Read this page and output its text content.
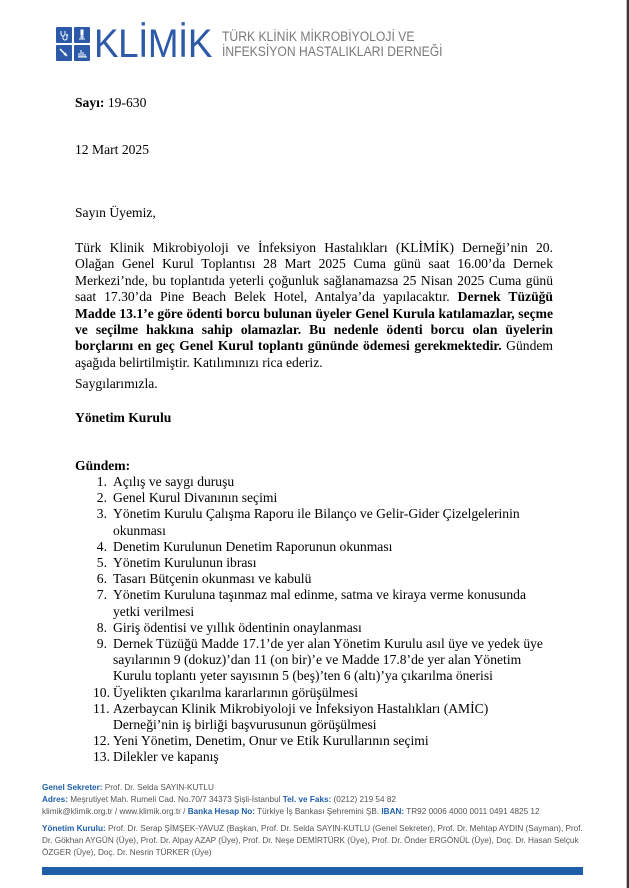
KLİMİK TÜRK KLİNİK MİKROBİYOLOJİ VE
İNFEKSİYON HASTALIKLARI DERNEĞİ
Sayı: 19-630
12 Mart 2025
Sayın Üyemiz,
Türk Klinik Mikrobiyoloji ve İnfeksiyon Hastalıkları (KLİMİK) Derneği’nin 20. Olağan Genel Kurul Toplantısı 28 Mart 2025 Cuma günü saat 16.00’da Dernek Merkezi’nde, bu toplantıda yeterli çoğunluk sağlanamazsa 25 Nisan 2025 Cuma günü saat 17.30’da Pine Beach Belek Hotel, Antalya’da yapılacaktır. Dernek Tüzüğü Madde 13.1’e göre ödenti borcu bulunan üyeler Genel Kurula katılamazlar, seçme ve seçilme hakkına sahip olamazlar. Bu nedenle ödenti borcu olan üyelerin borçlarını en geç Genel Kurul toplantı gününde ödemesi gerekmektedir. Gündem aşağıda belirtilmiştir. Katılımınızı rica ederiz.
Saygılarımızla.
Yönetim Kurulu
Gündem:
1. Açılış ve saygı duruşu
2. Genel Kurul Divanının seçimi
3. Yönetim Kurulu Çalışma Raporu ile Bilanço ve Gelir-Gider Çizelgelerinin okunması
4. Denetim Kurulunun Denetim Raporunun okunması
5. Yönetim Kurulunun ibrası
6. Tasarı Bütçenin okunması ve kabulü
7. Yönetim Kuruluna taşınmaz mal edinme, satma ve kiraya verme konusunda yetki verilmesi
8. Giriş ödentisi ve yıllık ödentinin onaylanması
9. Dernek Tüzüğü Madde 17.1’de yer alan Yönetim Kurulu asıl üye ve yedek üye sayılarının 9 (dokuz)’dan 11 (on bir)’e ve Madde 17.8’de yer alan Yönetim Kurulu toplantı yeter sayısının 5 (beş)’ten 6 (altı)’ya çıkarılma önerisi
10. Üyelikten çıkarılma kararlarının görüşülmesi
11. Azerbaycan Klinik Mikrobiyoloji ve İnfeksiyon Hastalıkları (AMİC) Derneği’nin iş birliği başvurusunun görüşülmesi
12. Yeni Yönetim, Denetim, Onur ve Etik Kurullarının seçimi
13. Dilekler ve kapanış
Genel Sekreter: Prof. Dr. Selda SAYIN-KUTLU
Adres: Meşrutiyet Mah. Rumeli Cad. No.70/7 34373 Şişli-İstanbul Tel. ve Faks: (0212) 219 54 82
klimik@klimik.org.tr / www.klimik.org.tr / Banka Hesap No: Türkiye İş Bankası Şehremini ŞB. IBAN: TR92 0006 4000 0011 0491 4825 12
Yönetim Kurulu: Prof. Dr. Serap ŞİMŞEK-YAVUZ (Başkan, Prof. Dr. Selda SAYIN-KUTLU (Genel Sekreter), Prof. Dr. Mehtap AYDIN (Sayman), Prof. Dr. Gökhan AYGÜN (Üye), Prof. Dr. Alpay AZAP (Üye), Prof. Dr. Neşe DEMİRTÜRK (Üye), Prof. Dr. Önder ERGÖNÜL (Üye), Doç. Dr. Hasan Selçuk ÖZGER (Üye), Doç. Dr. Nesrin TÜRKER (Üye)
